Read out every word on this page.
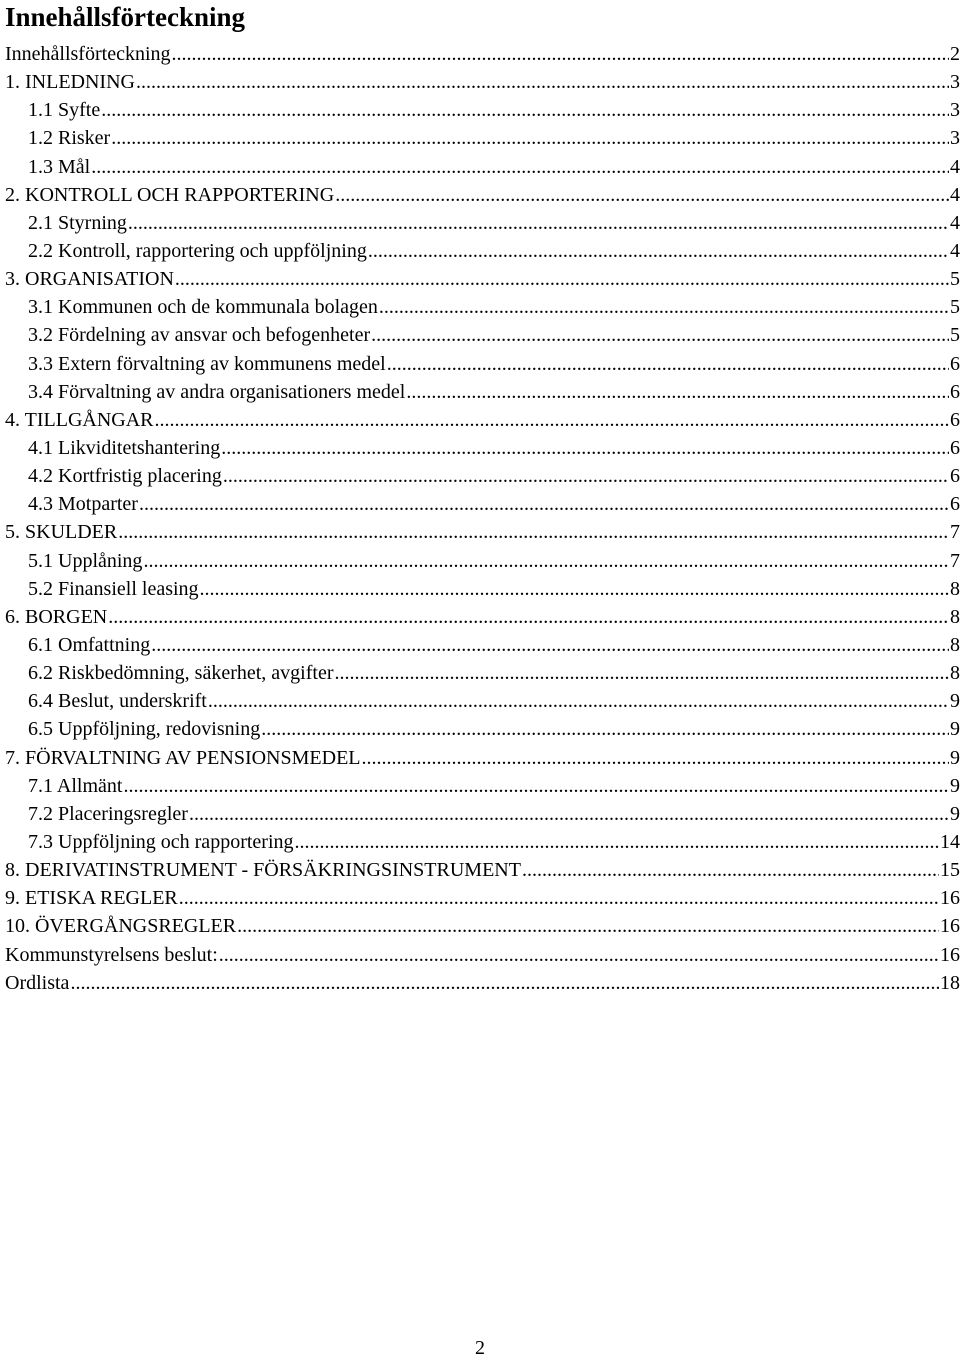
Innehållsförteckning
Innehållsförteckning .....	2
1. INLEDNING .....	3
1.1 Syfte .....	3
1.2 Risker .....	3
1.3 Mål .....	4
2. KONTROLL OCH RAPPORTERING .....	4
2.1 Styrning .....	4
2.2 Kontroll, rapportering och uppföljning .....	4
3. ORGANISATION .....	5
3.1 Kommunen och de kommunala bolagen .....	5
3.2 Fördelning av ansvar och befogenheter .....	5
3.3 Extern förvaltning av kommunens medel .....	6
3.4 Förvaltning av andra organisationers medel .....	6
4. TILLGÅNGAR .....	6
4.1 Likviditetshantering .....	6
4.2 Kortfristig placering .....	6
4.3 Motparter .....	6
5. SKULDER .....	7
5.1 Upplåning .....	7
5.2 Finansiell leasing .....	8
6. BORGEN .....	8
6.1 Omfattning .....	8
6.2 Riskbedömning, säkerhet, avgifter .....	8
6.4 Beslut, underskrift .....	9
6.5 Uppföljning, redovisning .....	9
7. FÖRVALTNING AV PENSIONSMEDEL .....	9
7.1 Allmänt .....	9
7.2 Placeringsregler .....	9
7.3 Uppföljning och rapportering .....	14
8. DERIVATINSTRUMENT - FÖRSÄKRINGSINSTRUMENT .....	15
9. ETISKA REGLER .....	16
10. ÖVERGÅNGSREGLER .....	16
Kommunstyrelsens beslut: .....	16
Ordlista .....	18
2
